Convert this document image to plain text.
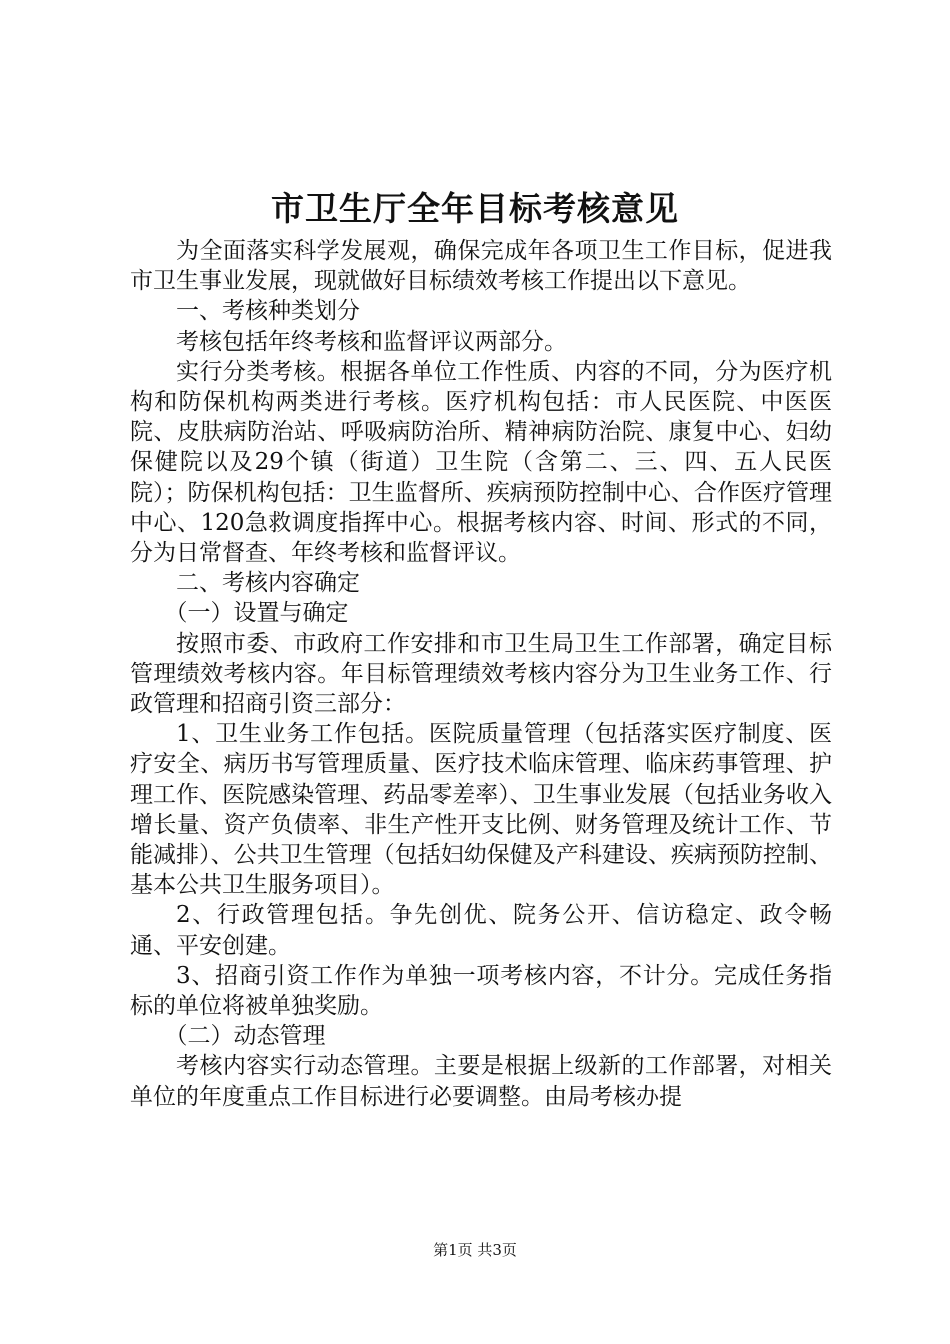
市卫生厅全年目标考核意见

为全面落实科学发展观，确保完成年各项卫生工作目标，促进我市卫生事业发展，现就做好目标绩效考核工作提出以下意见。

一、考核种类划分

考核包括年终考核和监督评议两部分。

实行分类考核。根据各单位工作性质、内容的不同，分为医疗机构和防保机构两类进行考核。医疗机构包括：市人民医院、中医医院、皮肤病防治站、呼吸病防治所、精神病防治院、康复中心、妇幼保健院以及29个镇（街道）卫生院（含第二、三、四、五人民医院）；防保机构包括：卫生监督所、疾病预防控制中心、合作医疗管理中心、120急救调度指挥中心。根据考核内容、时间、形式的不同，分为日常督查、年终考核和监督评议。

二、考核内容确定

（一）设置与确定

按照市委、市政府工作安排和市卫生局卫生工作部署，确定目标管理绩效考核内容。年目标管理绩效考核内容分为卫生业务工作、行政管理和招商引资三部分：

1、卫生业务工作包括。医院质量管理（包括落实医疗制度、医疗安全、病历书写管理质量、医疗技术临床管理、临床药事管理、护理工作、医院感染管理、药品零差率）、卫生事业发展（包括业务收入增长量、资产负债率、非生产性开支比例、财务管理及统计工作、节能减排）、公共卫生管理（包括妇幼保健及产科建设、疾病预防控制、基本公共卫生服务项目）。

2、行政管理包括。争先创优、院务公开、信访稳定、政令畅通、平安创建。

3、招商引资工作作为单独一项考核内容，不计分。完成任务指标的单位将被单独奖励。

（二）动态管理

考核内容实行动态管理。主要是根据上级新的工作部署，对相关单位的年度重点工作目标进行必要调整。由局考核办提

第1页 共3页
